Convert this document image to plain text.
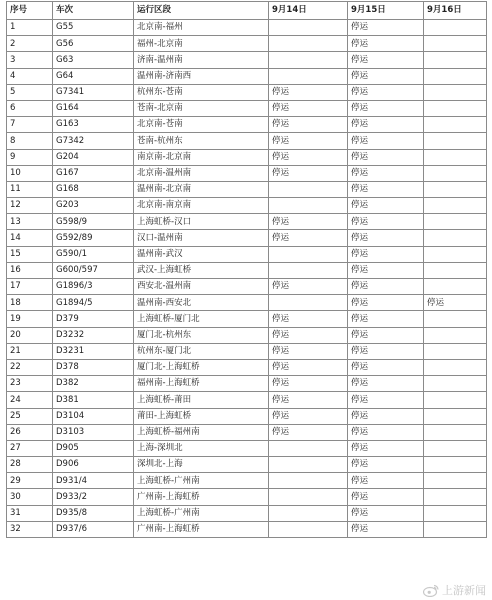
序号	车次	运行区段	9月14日	9月15日	9月16日
1	G55	北京南-福州		停运	
2	G56	福州-北京南		停运	
3	G63	济南-温州南		停运	
4	G64	温州南-济南西		停运	
5	G7341	杭州东-苍南	停运	停运	
6	G164	苍南-北京南	停运	停运	
7	G163	北京南-苍南	停运	停运	
8	G7342	苍南-杭州东	停运	停运	
9	G204	南京南-北京南	停运	停运	
10	G167	北京南-温州南	停运	停运	
11	G168	温州南-北京南		停运	
12	G203	北京南-南京南		停运	
13	G598/9	上海虹桥-汉口	停运	停运	
14	G592/89	汉口-温州南	停运	停运	
15	G590/1	温州南-武汉		停运	
16	G600/597	武汉-上海虹桥		停运	
17	G1896/3	西安北-温州南	停运	停运	
18	G1894/5	温州南-西安北		停运	停运
19	D379	上海虹桥-厦门北	停运	停运	
20	D3232	厦门北-杭州东	停运	停运	
21	D3231	杭州东-厦门北	停运	停运	
22	D378	厦门北-上海虹桥	停运	停运	
23	D382	福州南-上海虹桥	停运	停运	
24	D381	上海虹桥-莆田	停运	停运	
25	D3104	莆田-上海虹桥	停运	停运	
26	D3103	上海虹桥-福州南	停运	停运	
27	D905	上海-深圳北		停运	
28	D906	深圳北-上海		停运	
29	D931/4	上海虹桥-广州南		停运	
30	D933/2	广州南-上海虹桥		停运	
31	D935/8	上海虹桥-广州南		停运	
32	D937/6	广州南-上海虹桥		停运	
上游新闻
